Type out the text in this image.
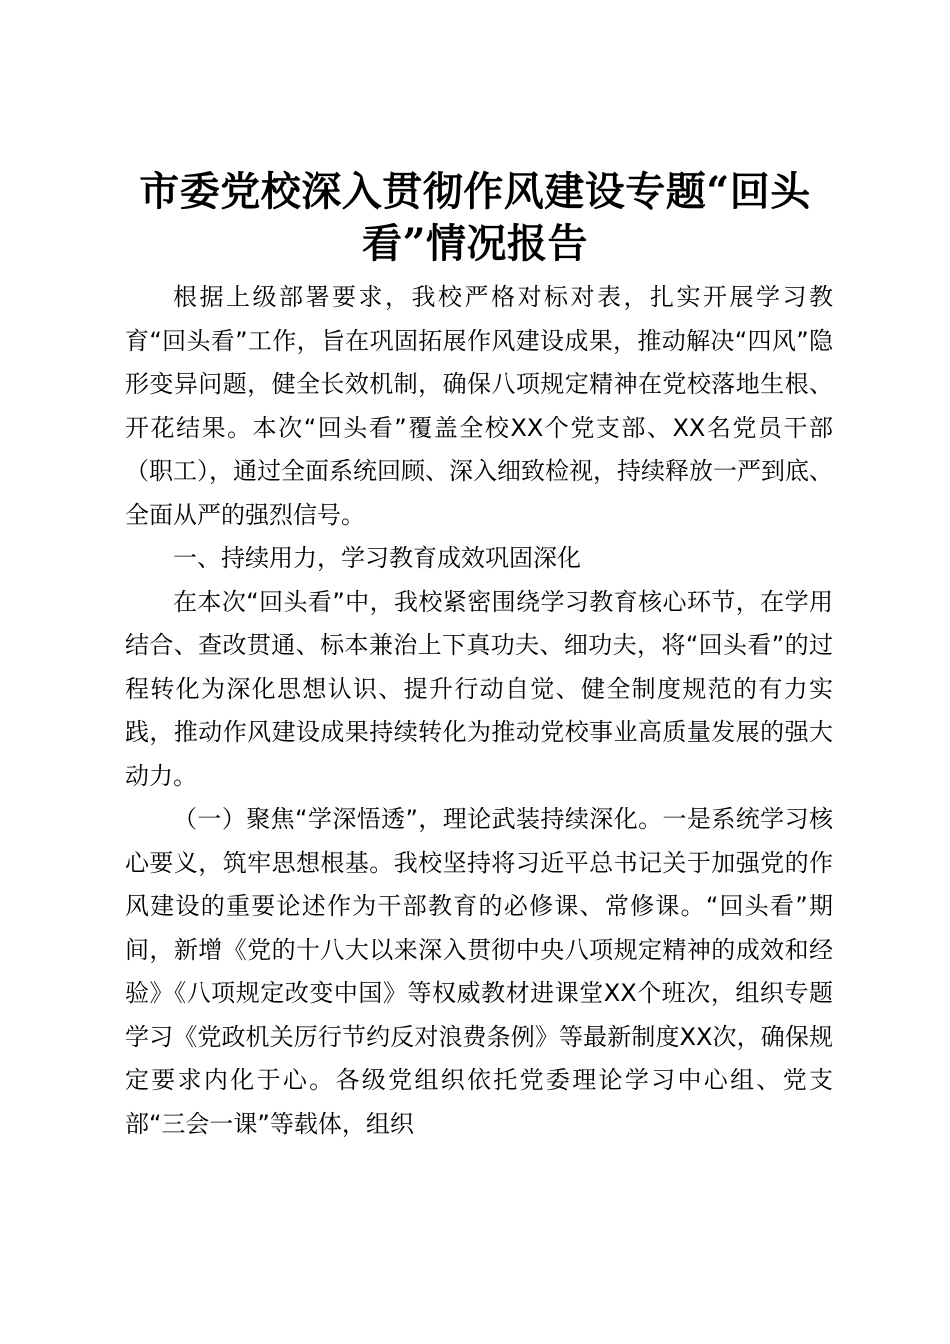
市委党校深入贯彻作风建设专题“回头看”情况报告

根据上级部署要求，我校严格对标对表，扎实开展学习教育“回头看”工作，旨在巩固拓展作风建设成果，推动解决“四风”隐形变异问题，健全长效机制，确保八项规定精神在党校落地生根、开花结果。本次“回头看”覆盖全校XX个党支部、XX名党员干部（职工），通过全面系统回顾、深入细致检视，持续释放一严到底、全面从严的强烈信号。

一、持续用力，学习教育成效巩固深化

在本次“回头看”中，我校紧密围绕学习教育核心环节，在学用结合、查改贯通、标本兼治上下真功夫、细功夫，将“回头看”的过程转化为深化思想认识、提升行动自觉、健全制度规范的有力实践，推动作风建设成果持续转化为推动党校事业高质量发展的强大动力。

（一）聚焦“学深悟透”，理论武装持续深化。一是系统学习核心要义，筑牢思想根基。我校坚持将习近平总书记关于加强党的作风建设的重要论述作为干部教育的必修课、常修课。“回头看”期间，新增《党的十八大以来深入贯彻中央八项规定精神的成效和经验》《八项规定改变中国》等权威教材进课堂XX个班次，组织专题学习《党政机关厉行节约反对浪费条例》等最新制度XX次，确保规定要求内化于心。各级党组织依托党委理论学习中心组、党支部“三会一课”等载体，组织
